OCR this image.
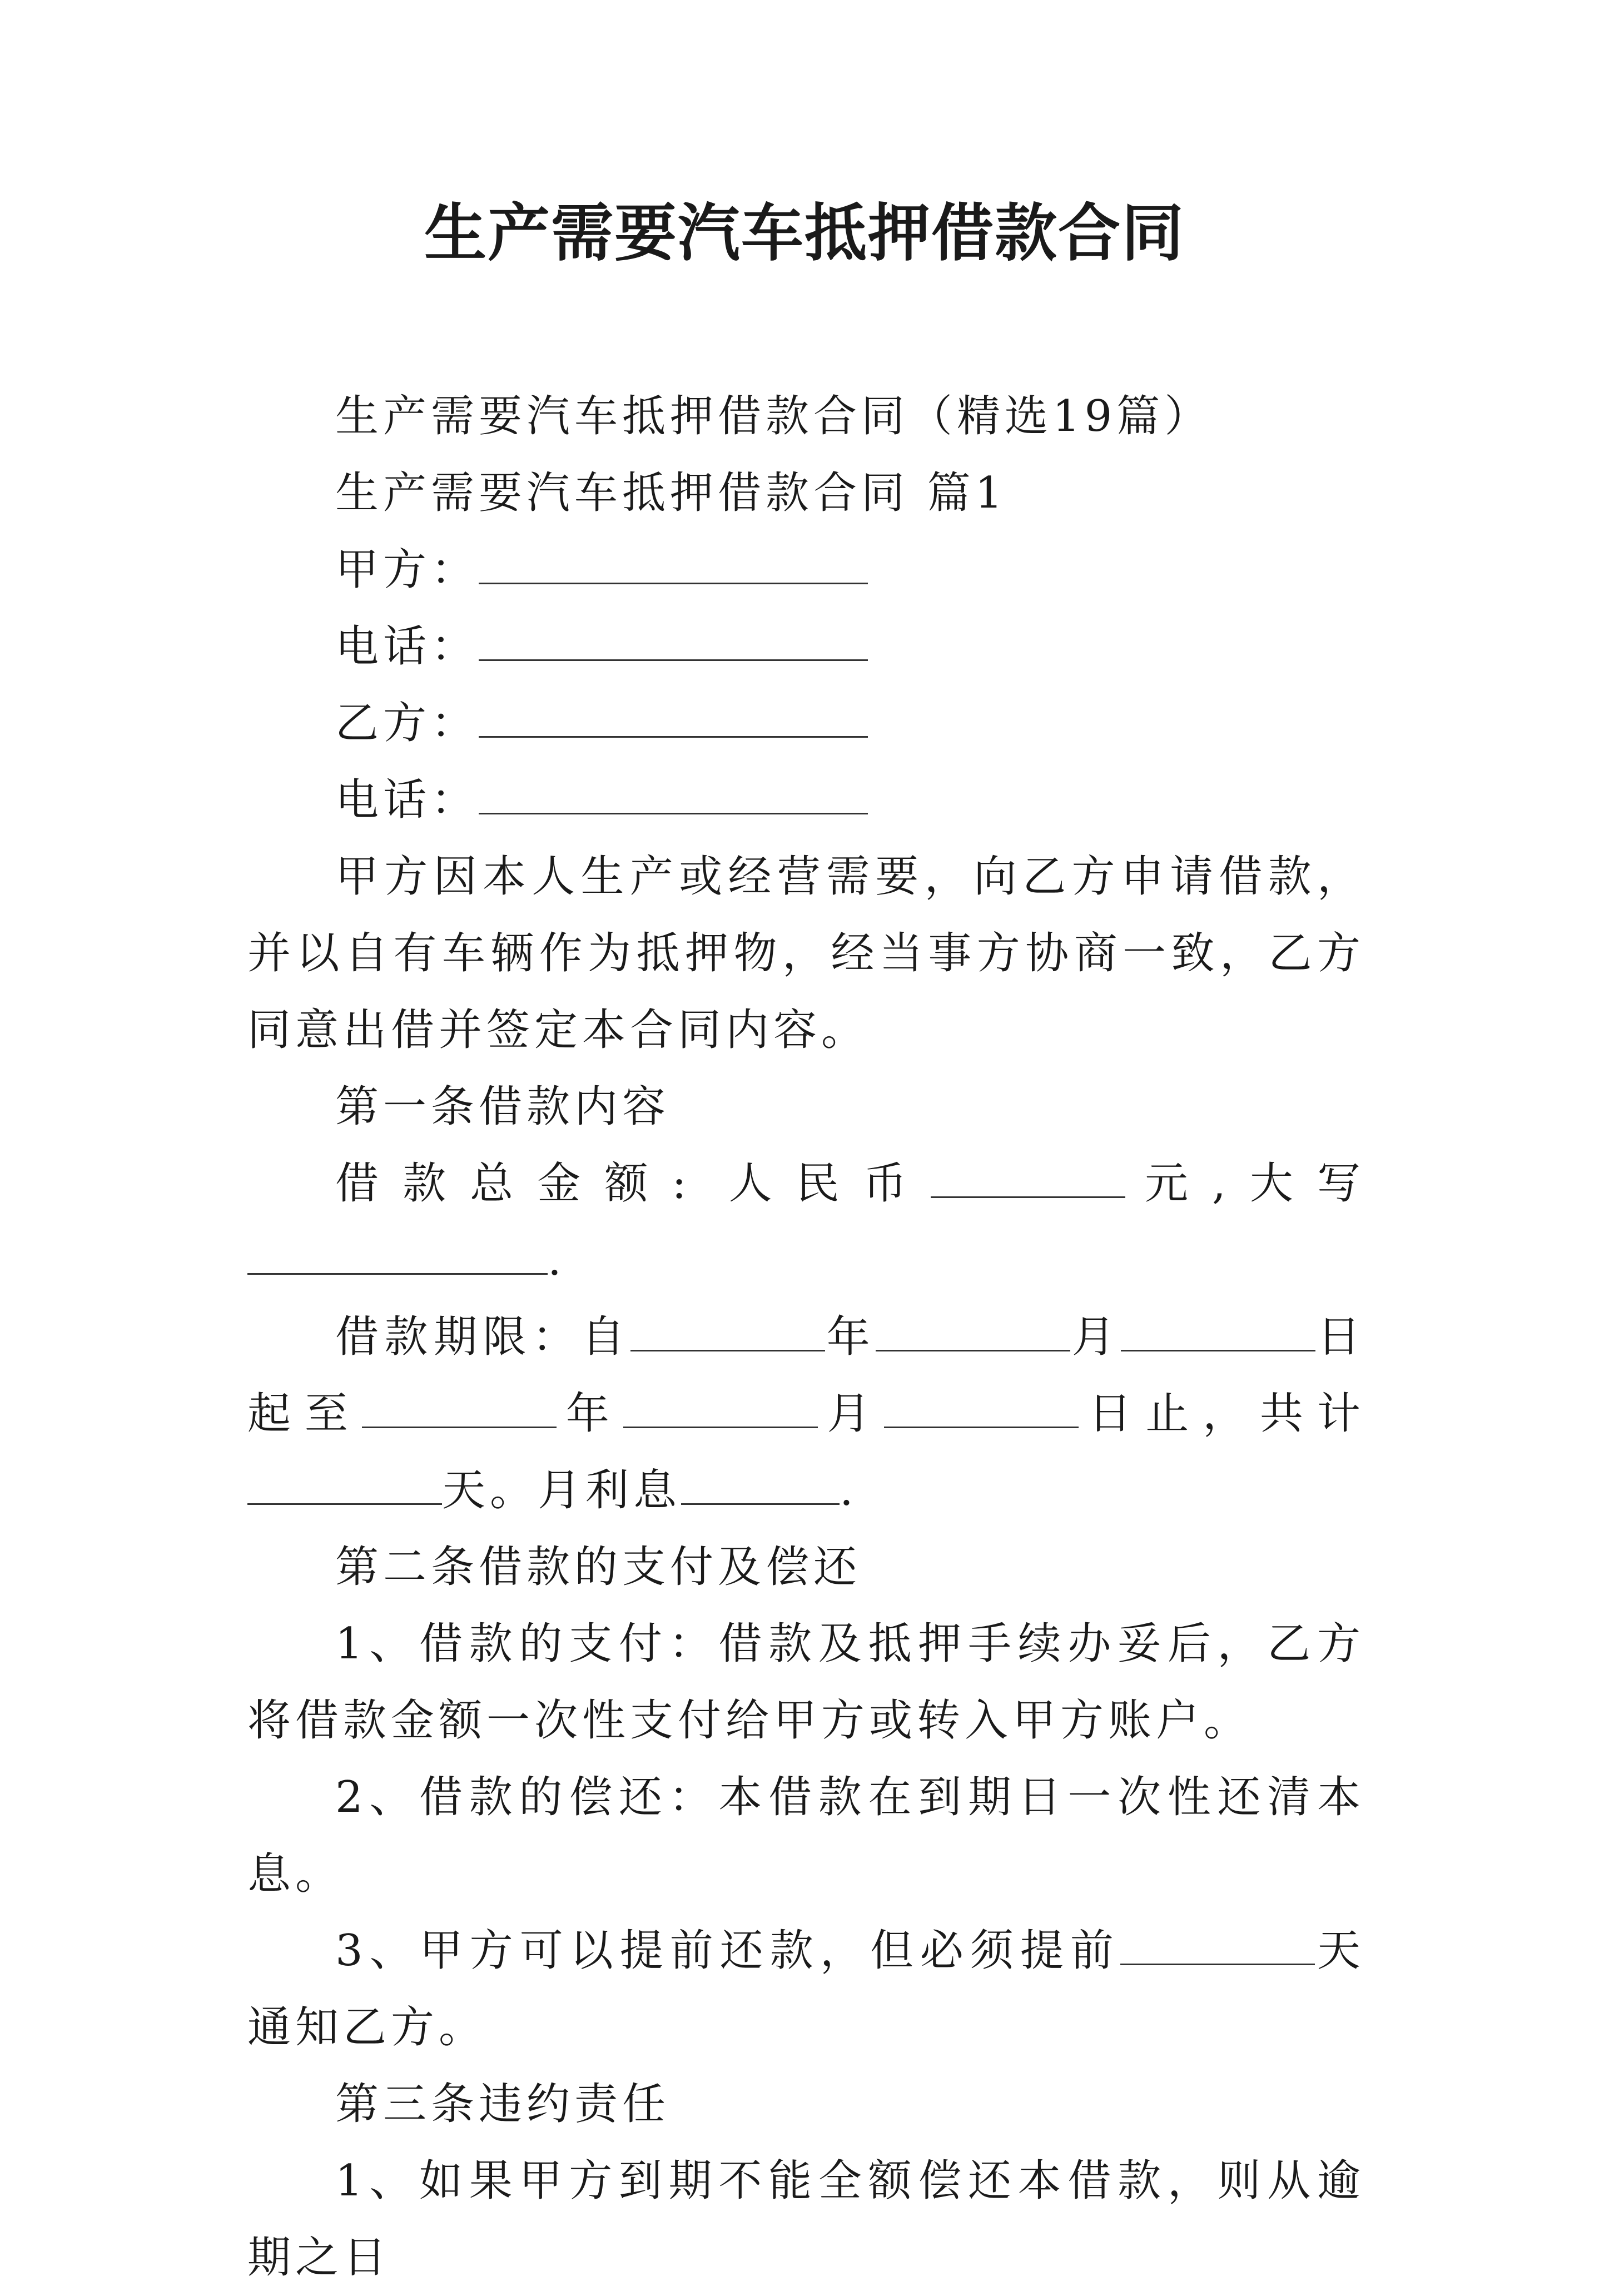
生产需要汽车抵押借款合同

生产需要汽车抵押借款合同（精选19篇）

生产需要汽车抵押借款合同 篇1

甲方：

电话：

乙方：

电话：

甲方因本人生产或经营需要，向乙方申请借款，并以自有车辆作为抵押物，经当事方协商一致，乙方同意出借并签定本合同内容。

第一条借款内容

借款总金额: 人民币	元,大写.

借款期限：自	年	月	日起至	年	月	日止，共计天。月利息	.

第二条借款的支付及偿还

1、借款的支付：借款及抵押手续办妥后，乙方将借款金额一次性支付给甲方或转入甲方账户。

2、借款的偿还：本借款在到期日一次性还清本息。

3、甲方可以提前还款，但必须提前	天通知乙方。

第三条违约责任

1、如果甲方到期不能全额偿还本借款，则从逾期之日
